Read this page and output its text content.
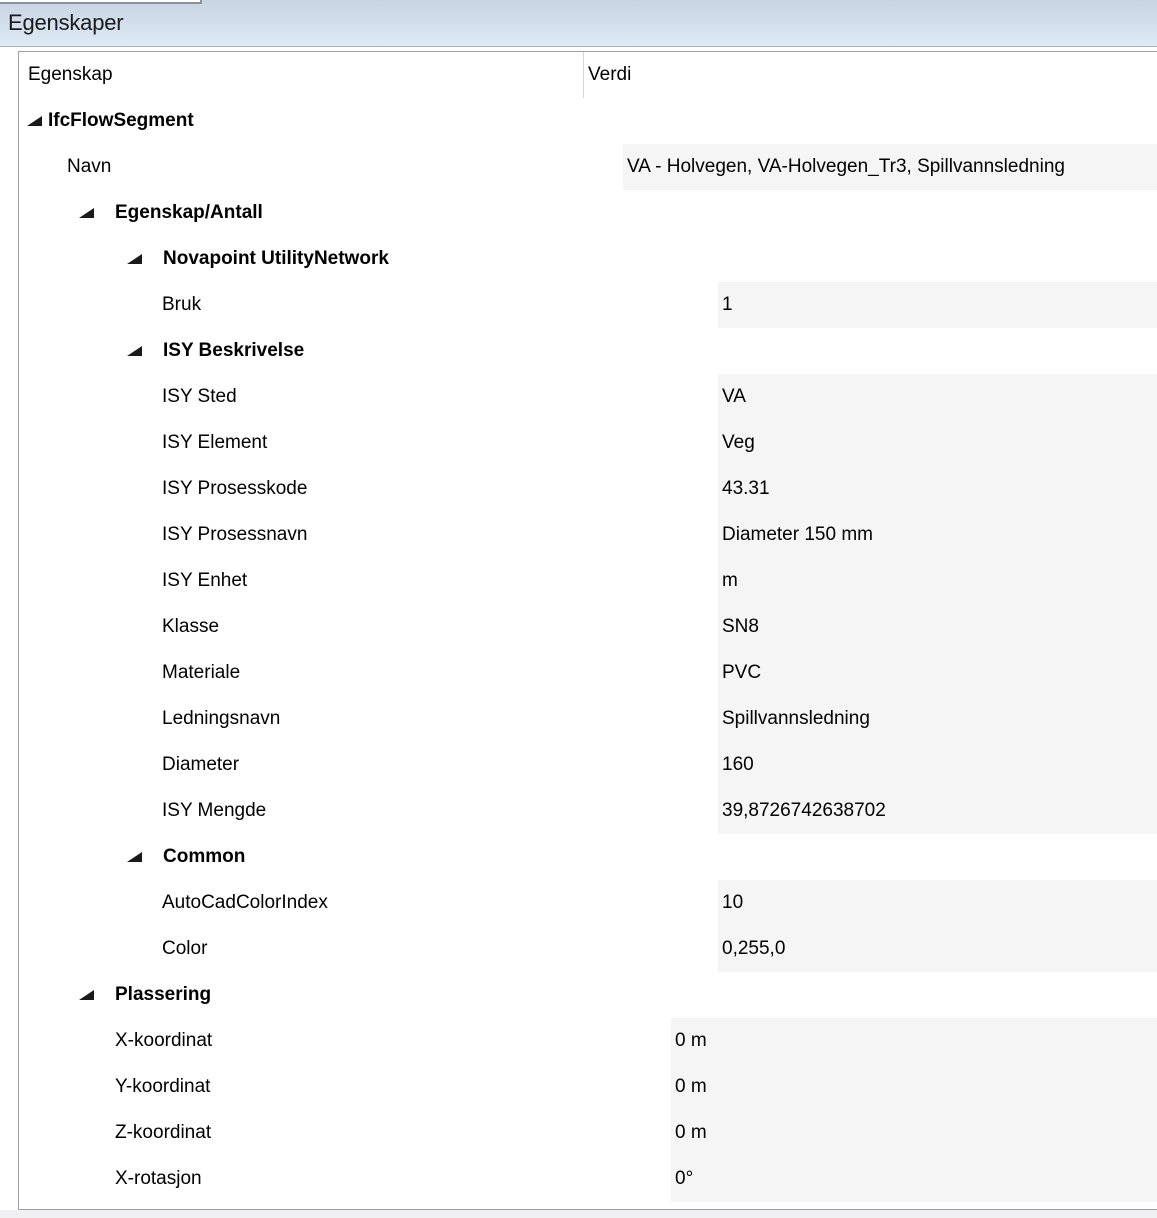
Egenskaper
Egenskap	Verdi
IfcFlowSegment
Navn	VA - Holvegen, VA-Holvegen_Tr3, Spillvannsledning
Egenskap/Antall
Novapoint UtilityNetwork
Bruk	1
ISY Beskrivelse
ISY Sted	VA
ISY Element	Veg
ISY Prosesskode	43.31
ISY Prosessnavn	Diameter 150 mm
ISY Enhet	m
Klasse	SN8
Materiale	PVC
Ledningsnavn	Spillvannsledning
Diameter	160
ISY Mengde	39,8726742638702
Common
AutoCadColorIndex	10
Color	0,255,0
Plassering
X-koordinat	0 m
Y-koordinat	0 m
Z-koordinat	0 m
X-rotasjon	0°
